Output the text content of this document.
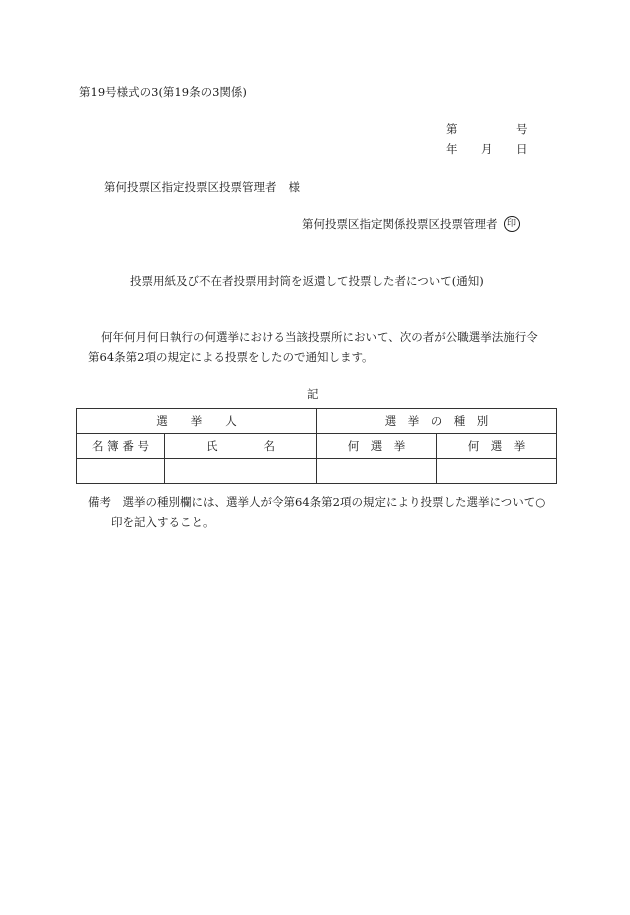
第19号様式の3(第19条の3関係)
第	号
年 月 日
第何投票区指定投票区投票管理者 様
第何投票区指定関係投票区投票管理者 印
投票用紙及び不在者投票用封筒を返還して投票した者について(通知)
何年何月何日執行の何選挙における当該投票所において、次の者が公職選挙法施行令
第64条第2項の規定による投票をしたので通知します。
記
選　　挙　　人		選　挙　の　種　別	
名 簿 番 号	氏　　　　名	何　選　挙	何　選　挙

備考　選挙の種別欄には、選挙人が令第64条第2項の規定により投票した選挙について○
印を記入すること。
